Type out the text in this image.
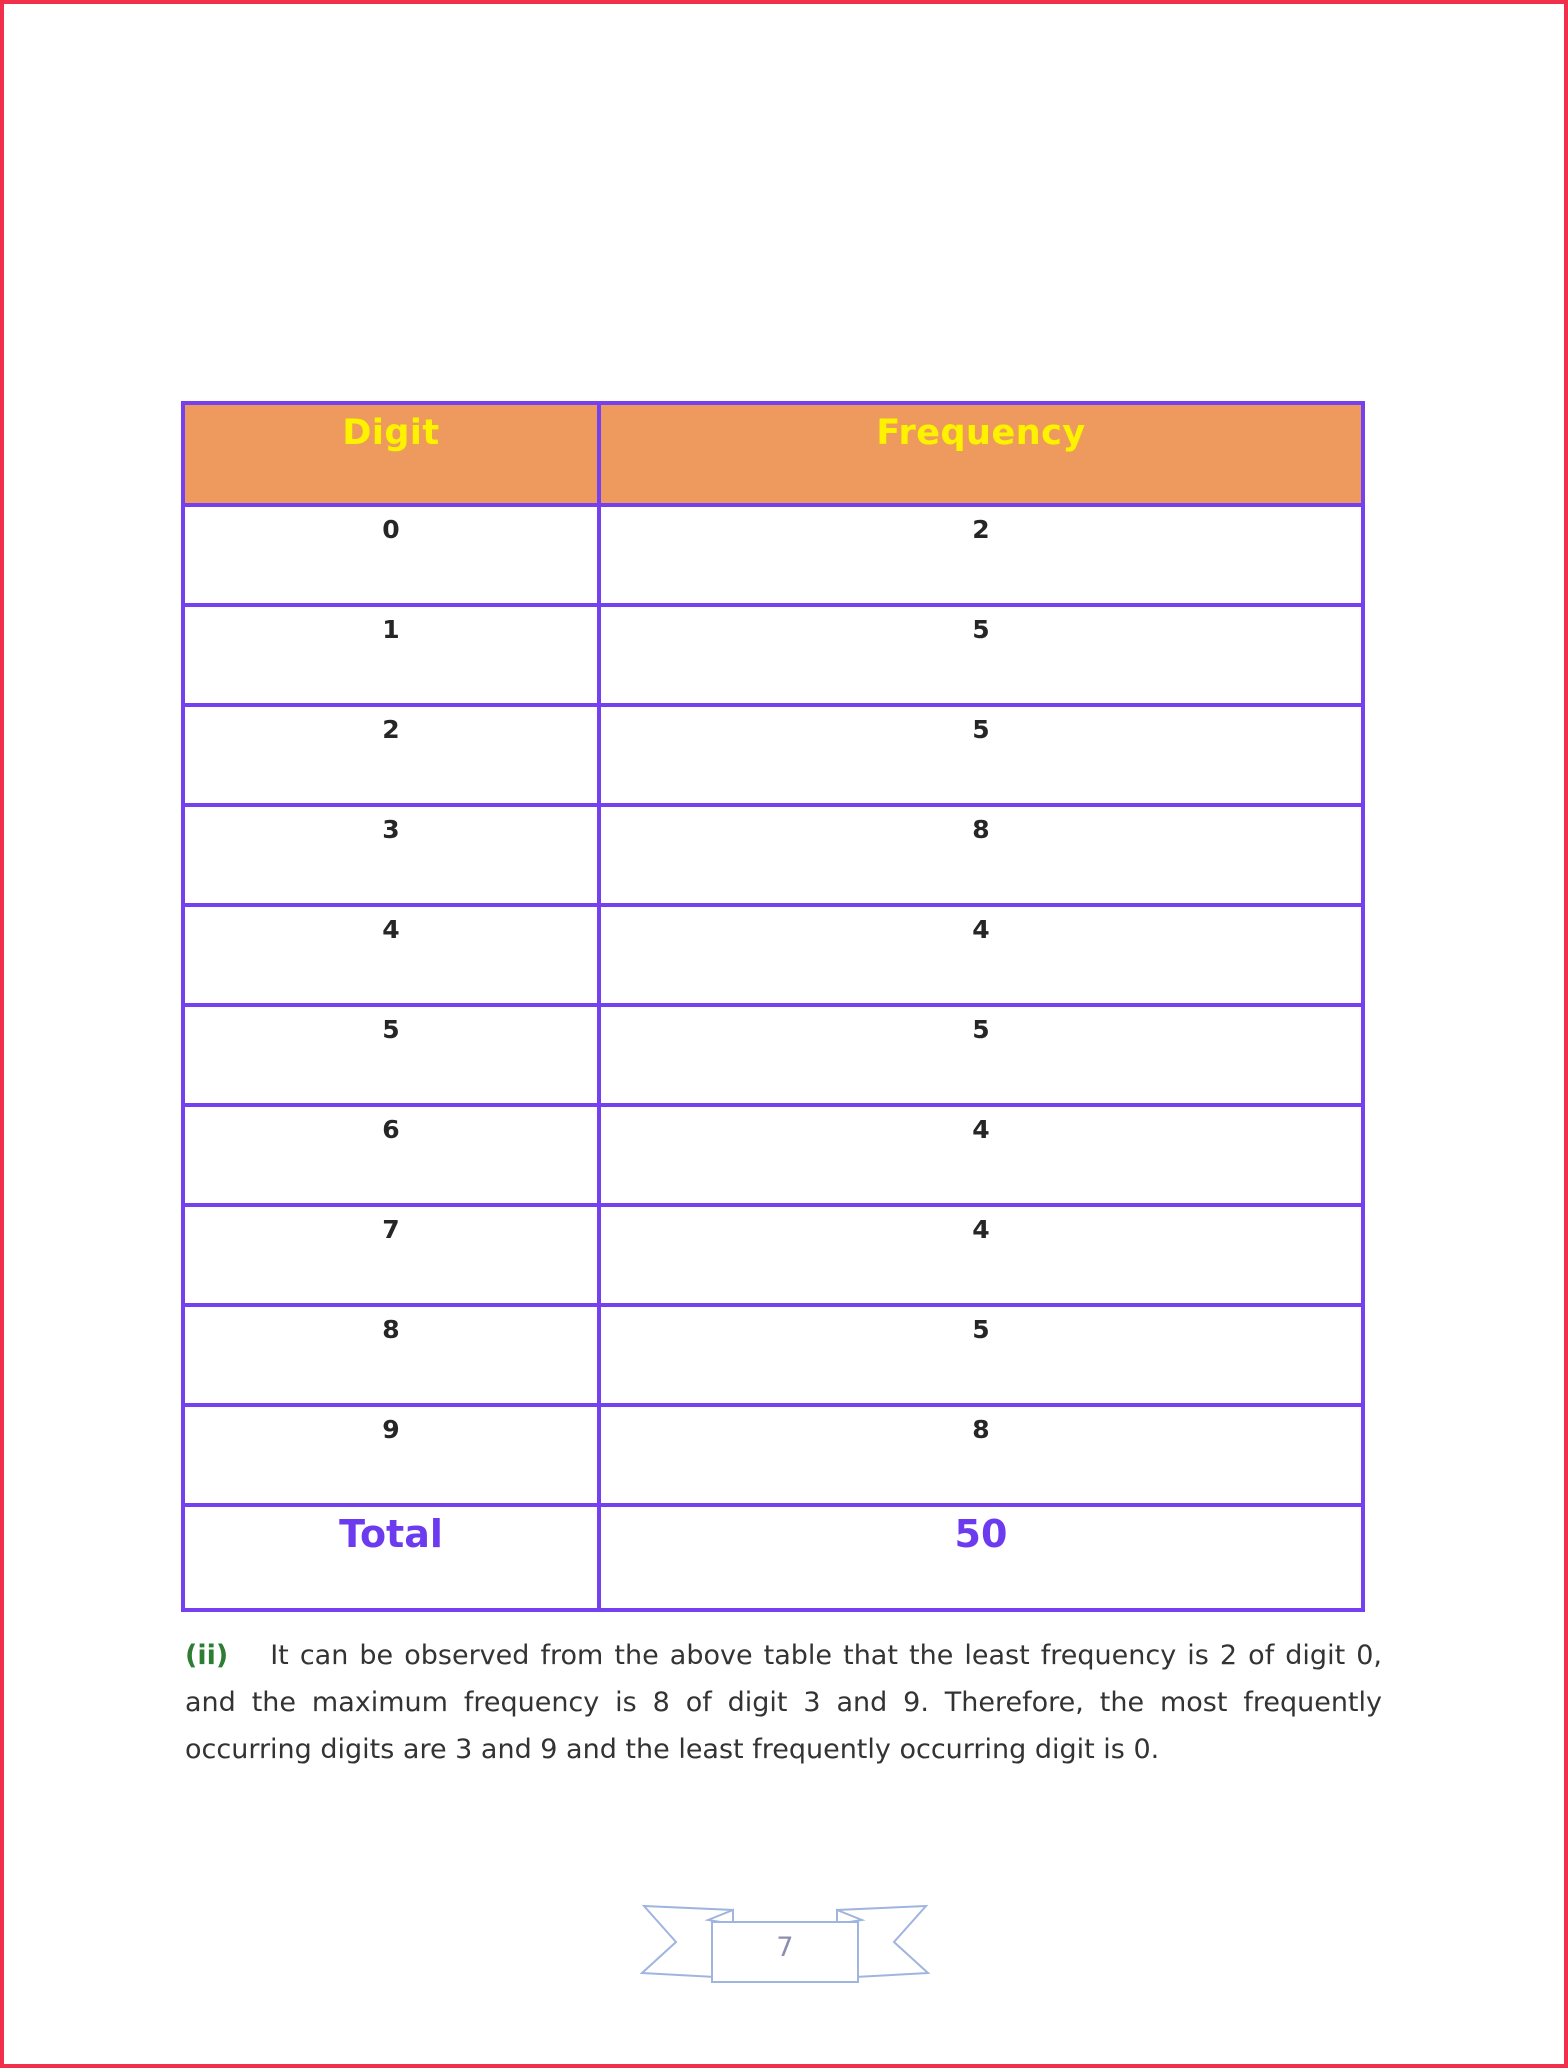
Digit	Frequency
0	2
1	5
2	5
3	8
4	4
5	5
6	4
7	4
8	5
9	8
Total	50

(ii) It can be observed from the above table that the least frequency is 2 of digit 0, and the maximum frequency is 8 of digit 3 and 9. Therefore, the most frequently occurring digits are 3 and 9 and the least frequently occurring digit is 0.

7
